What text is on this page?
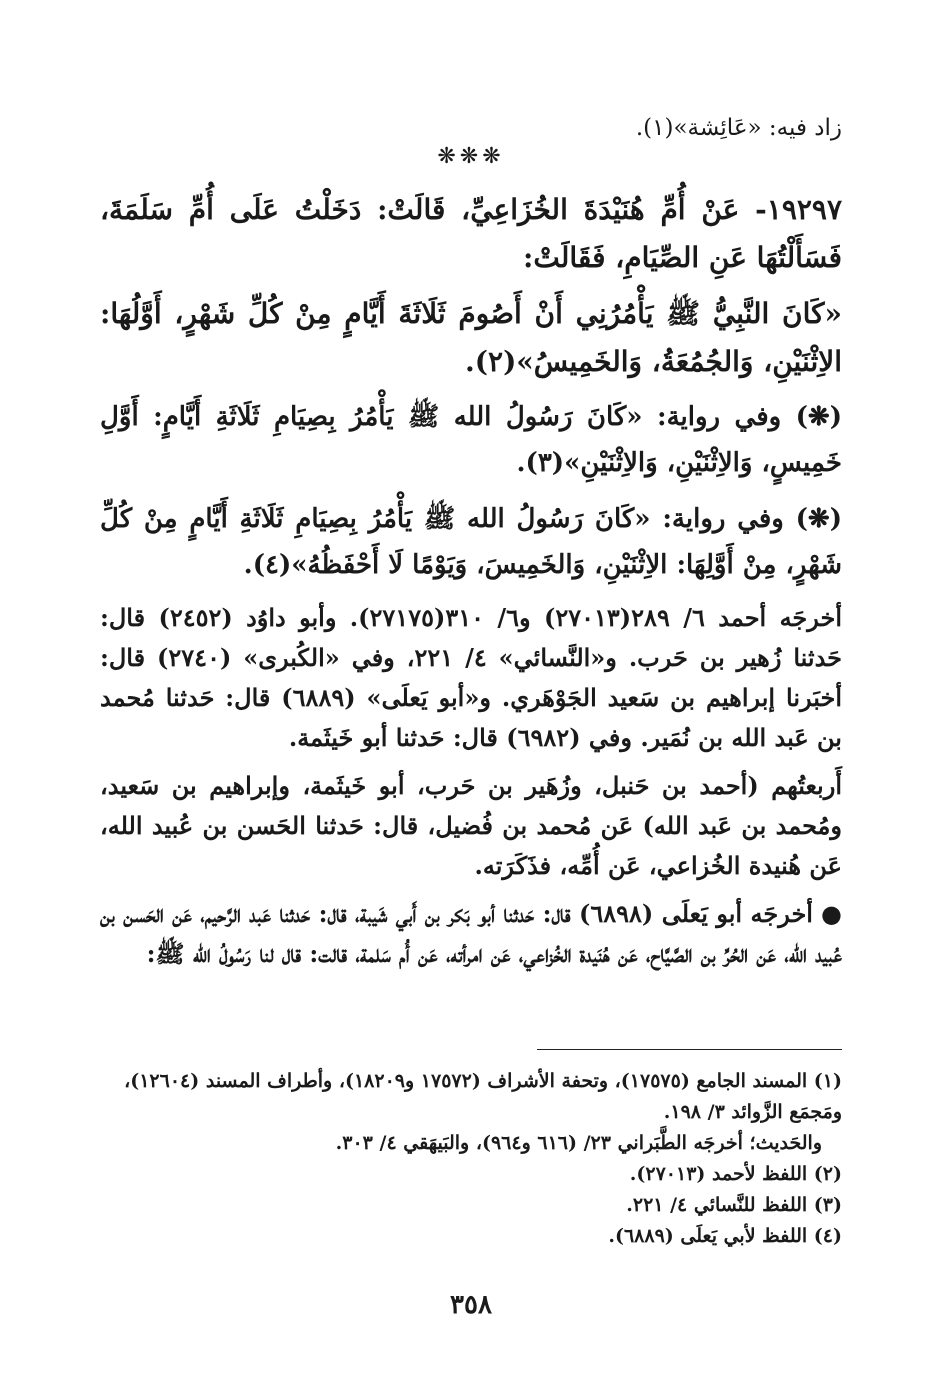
زاد فيه: «عَائِشة»(١).
❋❋❋

١٩٢٩٧- عَنْ أُمِّ هُنَيْدَةَ الخُزَاعِيِّ، قَالَتْ: دَخَلْتُ عَلَى أُمِّ سَلَمَةَ، فَسَأَلْتُهَا عَنِ الصِّيَامِ، فَقَالَتْ:

«كَانَ النَّبِيُّ ﷺ يَأْمُرُنِي أَنْ أَصُومَ ثَلَاثَةَ أَيَّامٍ مِنْ كُلِّ شَهْرٍ، أَوَّلُهَا: الاِثْنَيْنِ، وَالجُمُعَةُ، وَالخَمِيسُ»(٢).

(❋) وفي رواية: «كَانَ رَسُولُ الله ﷺ يَأْمُرُ بِصِيَامِ ثَلَاثَةِ أَيَّامٍ: أَوَّلِ خَمِيسٍ، وَالاِثْنَيْنِ، وَالاِثْنَيْنِ»(٣).

(❋) وفي رواية: «كَانَ رَسُولُ الله ﷺ يَأْمُرُ بِصِيَامِ ثَلَاثَةِ أَيَّامٍ مِنْ كُلِّ شَهْرٍ، مِنْ أَوَّلِهَا: الاِثْنَيْنِ، وَالخَمِيسَ، وَيَوْمًا لَا أَحْفَظُهُ»(٤).

أخرجَه أحمد ٦/ ٢٨٩(٢٧٠١٣) و٦/ ٣١٠(٢٧١٧٥). وأبو داوُد (٢٤٥٢) قال: حَدثنا زُهير بن حَرب. و«النَّسائي» ٤/ ٢٢١، وفي «الكُبرى» (٢٧٤٠) قال: أخبَرنا إبراهيم بن سَعيد الجَوْهَري. و«أبو يَعلَى» (٦٨٨٩) قال: حَدثنا مُحمد بن عَبد الله بن نُمَير. وفي (٦٩٨٢) قال: حَدثنا أبو خَيثَمة.

أَربعتُهم (أحمد بن حَنبل، وزُهَير بن حَرب، أبو خَيثَمة، وإبراهيم بن سَعيد، ومُحمد بن عَبد الله) عَن مُحمد بن فُضيل، قال: حَدثنا الحَسن بن عُبيد الله، عَن هُنيدة الخُزاعي، عَن أُمِّه، فذَكَرَته.

●أخرجَه أبو يَعلَى (٦٨٩٨) قال: حَدثنا أبو بَكر بن أَبي شَيبة، قال: حَدثنا عَبد الرَّحيم، عَن الحَسن بن عُبيد الله، عَن الحُرِّ بن الصَّيَّاح، عَن هُنَيدة الخُزاعي، عَن امرأته، عَن أُم سَلمة، قالت: قال لنا رَسُولُ الله ﷺ:

(١) المسند الجامع (١٧٥٧٥)، وتحفة الأشراف (١٧٥٧٢ و١٨٢٠٩)، وأطراف المسند (١٢٦٠٤)، ومَجمَع الزَّوائد ٣/ ١٩٨.

والحَديث؛ أخرجَه الطَّبَراني ٢٣/ (٦١٦ و٩٦٤)، والبَيهَقي ٤/ ٣٠٣.

(٢) اللفظ لأحمد (٢٧٠١٣).

(٣) اللفظ للنَّسائي ٤/ ٢٢١.

(٤) اللفظ لأبي يَعلَى (٦٨٨٩).

٣٥٨
